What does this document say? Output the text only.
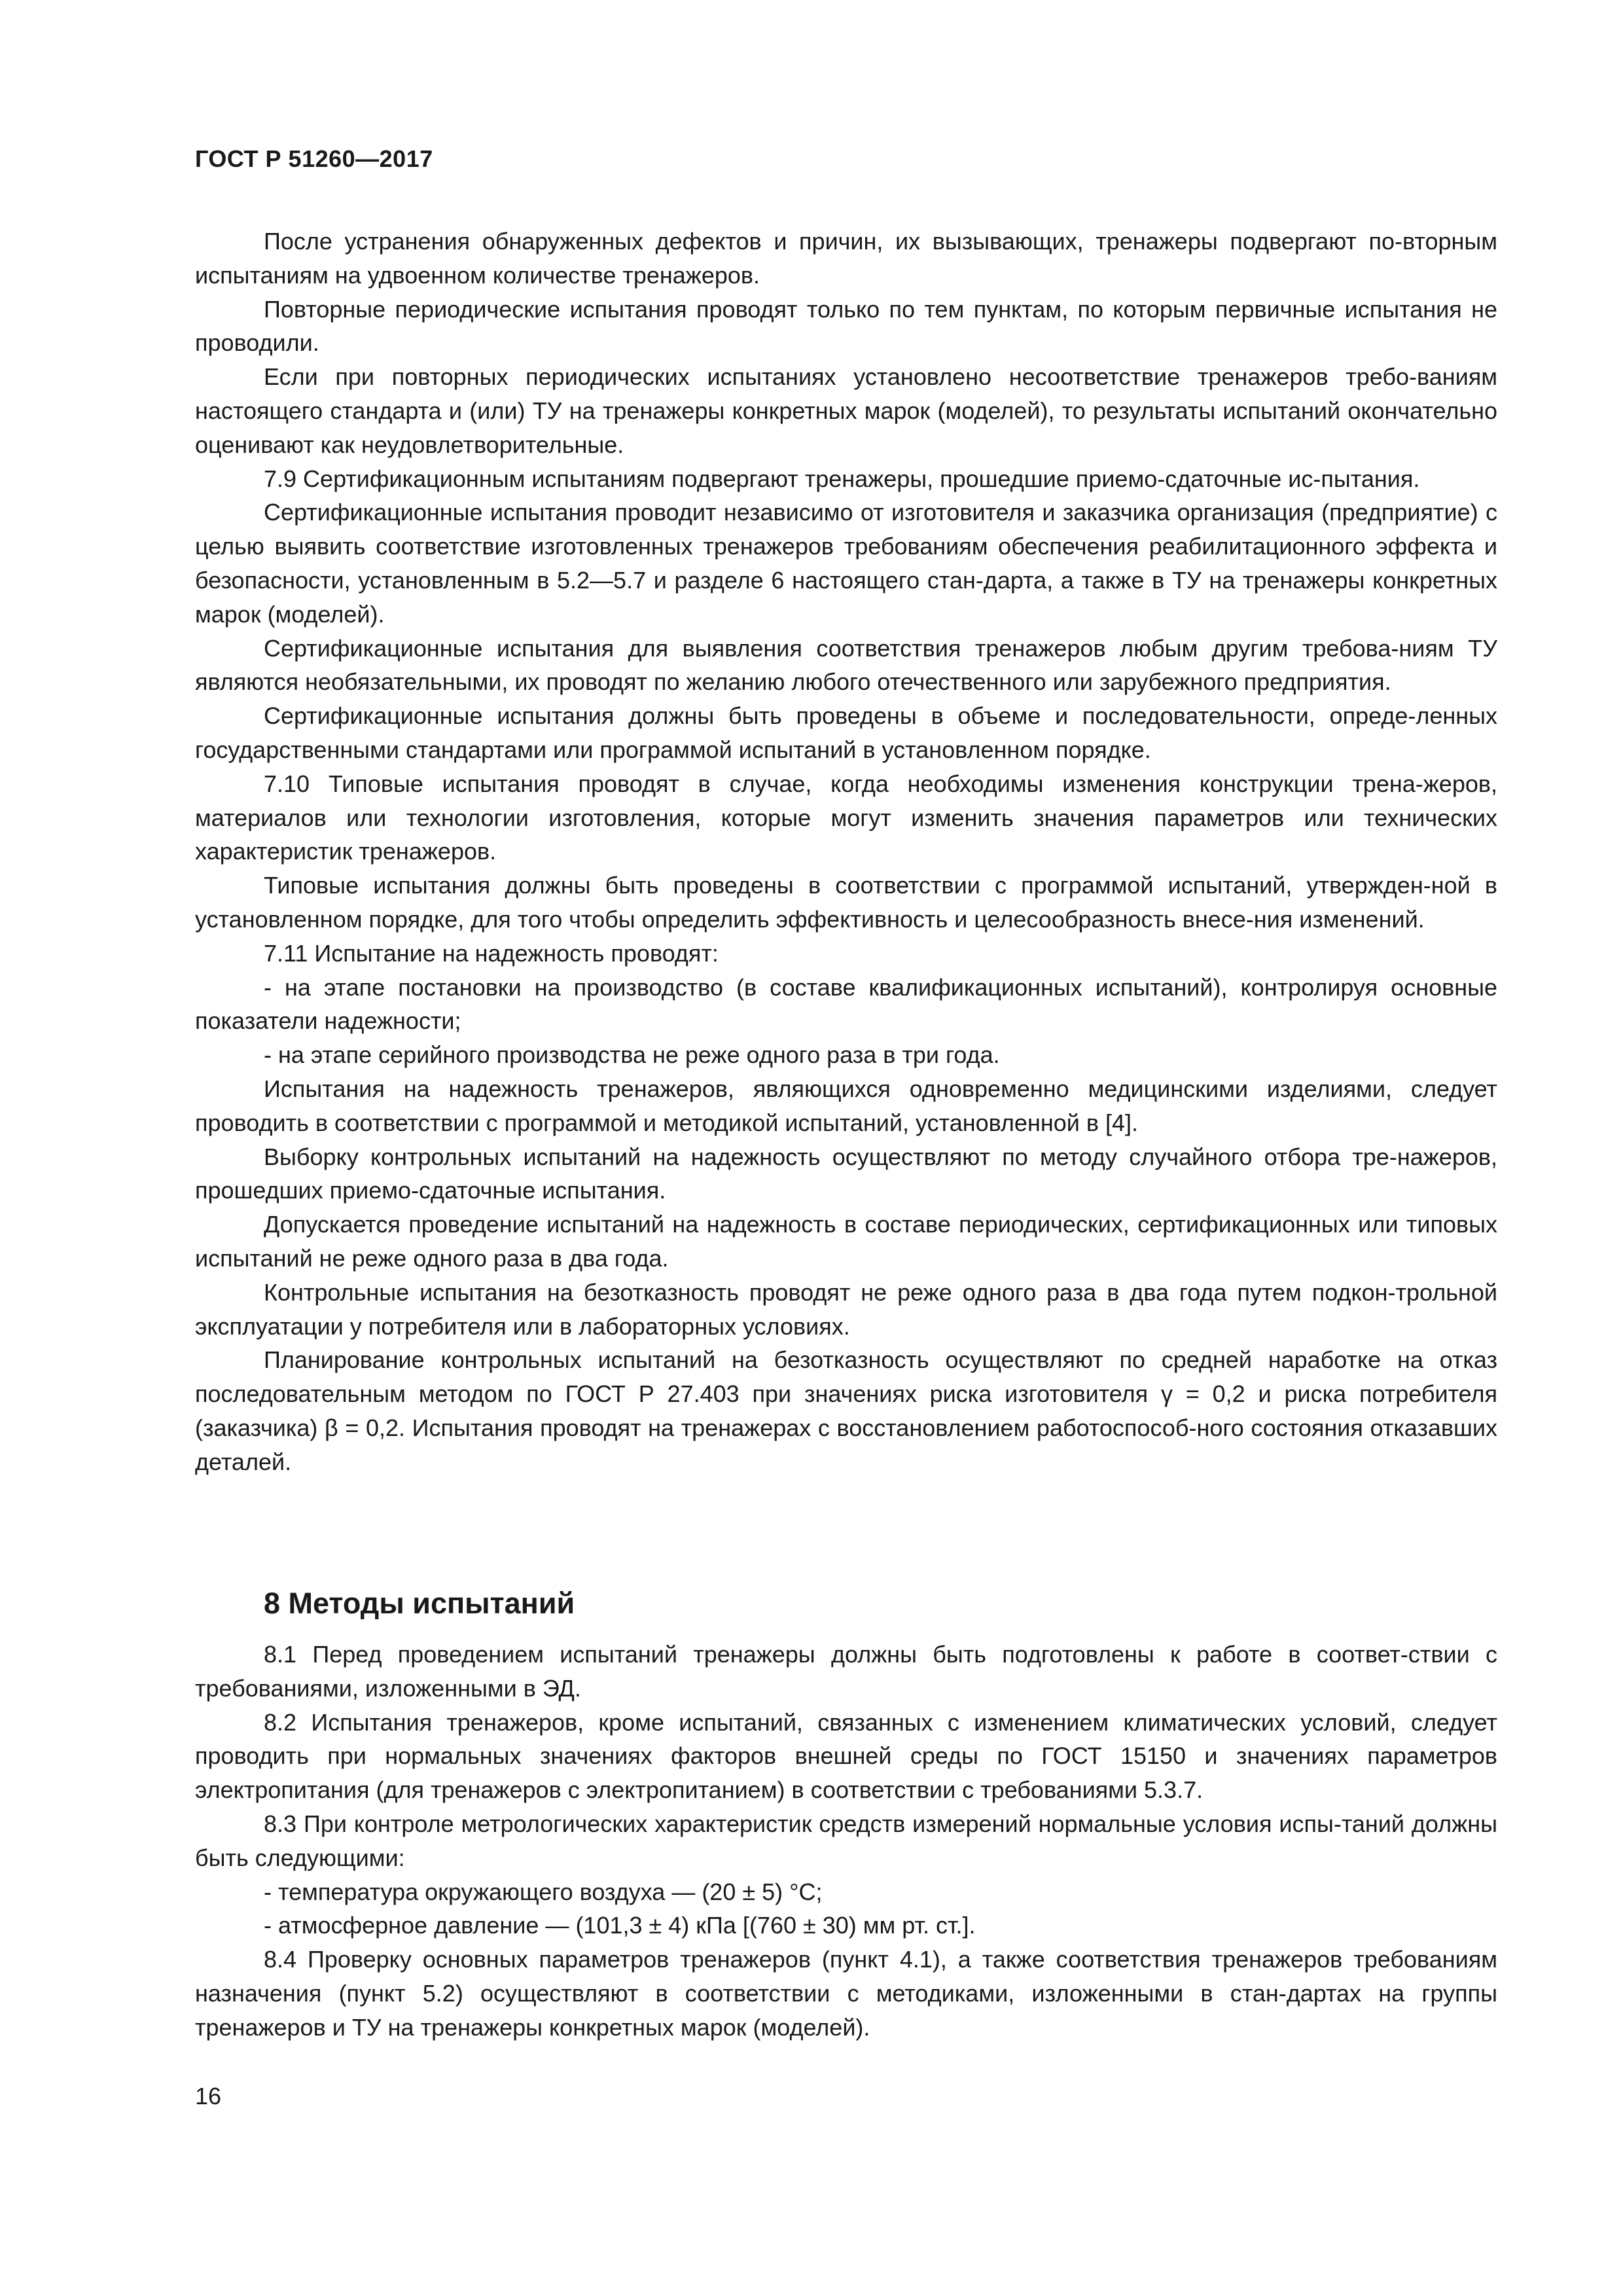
ГОСТ Р 51260—2017

После устранения обнаруженных дефектов и причин, их вызывающих, тренажеры подвергают по-вторным испытаниям на удвоенном количестве тренажеров.

Повторные периодические испытания проводят только по тем пунктам, по которым первичные испытания не проводили.

Если при повторных периодических испытаниях установлено несоответствие тренажеров требо-ваниям настоящего стандарта и (или) ТУ на тренажеры конкретных марок (моделей), то результаты испытаний окончательно оценивают как неудовлетворительные.

7.9 Сертификационным испытаниям подвергают тренажеры, прошедшие приемо-сдаточные ис-пытания.

Сертификационные испытания проводит независимо от изготовителя и заказчика организация (предприятие) с целью выявить соответствие изготовленных тренажеров требованиям обеспечения реабилитационного эффекта и безопасности, установленным в 5.2—5.7 и разделе 6 настоящего стан-дарта, а также в ТУ на тренажеры конкретных марок (моделей).

Сертификационные испытания для выявления соответствия тренажеров любым другим требова-ниям ТУ являются необязательными, их проводят по желанию любого отечественного или зарубежного предприятия.

Сертификационные испытания должны быть проведены в объеме и последовательности, опреде-ленных государственными стандартами или программой испытаний в установленном порядке.

7.10 Типовые испытания проводят в случае, когда необходимы изменения конструкции трена-жеров, материалов или технологии изготовления, которые могут изменить значения параметров или технических характеристик тренажеров.

Типовые испытания должны быть проведены в соответствии с программой испытаний, утвержден-ной в установленном порядке, для того чтобы определить эффективность и целесообразность внесе-ния изменений.

7.11 Испытание на надежность проводят:

- на этапе постановки на производство (в составе квалификационных испытаний), контролируя основные показатели надежности;

- на этапе серийного производства не реже одного раза в три года.

Испытания на надежность тренажеров, являющихся одновременно медицинскими изделиями, следует проводить в соответствии с программой и методикой испытаний, установленной в [4].

Выборку контрольных испытаний на надежность осуществляют по методу случайного отбора тре-нажеров, прошедших приемо-сдаточные испытания.

Допускается проведение испытаний на надежность в составе периодических, сертификационных или типовых испытаний не реже одного раза в два года.

Контрольные испытания на безотказность проводят не реже одного раза в два года путем подкон-трольной эксплуатации у потребителя или в лабораторных условиях.

Планирование контрольных испытаний на безотказность осуществляют по средней наработке на отказ последовательным методом по ГОСТ Р 27.403 при значениях риска изготовителя γ = 0,2 и риска потребителя (заказчика) β = 0,2. Испытания проводят на тренажерах с восстановлением работоспособ-ного состояния отказавших деталей.

8 Методы испытаний

8.1 Перед проведением испытаний тренажеры должны быть подготовлены к работе в соответ-ствии с требованиями, изложенными в ЭД.

8.2 Испытания тренажеров, кроме испытаний, связанных с изменением климатических условий, следует проводить при нормальных значениях факторов внешней среды по ГОСТ 15150 и значениях параметров электропитания (для тренажеров с электропитанием) в соответствии с требованиями 5.3.7.

8.3 При контроле метрологических характеристик средств измерений нормальные условия испы-таний должны быть следующими:

- температура окружающего воздуха — (20 ± 5) °С;

- атмосферное давление — (101,3 ± 4) кПа [(760 ± 30) мм рт. ст.].

8.4 Проверку основных параметров тренажеров (пункт 4.1), а также соответствия тренажеров требованиям назначения (пункт 5.2) осуществляют в соответствии с методиками, изложенными в стан-дартах на группы тренажеров и ТУ на тренажеры конкретных марок (моделей).

16
